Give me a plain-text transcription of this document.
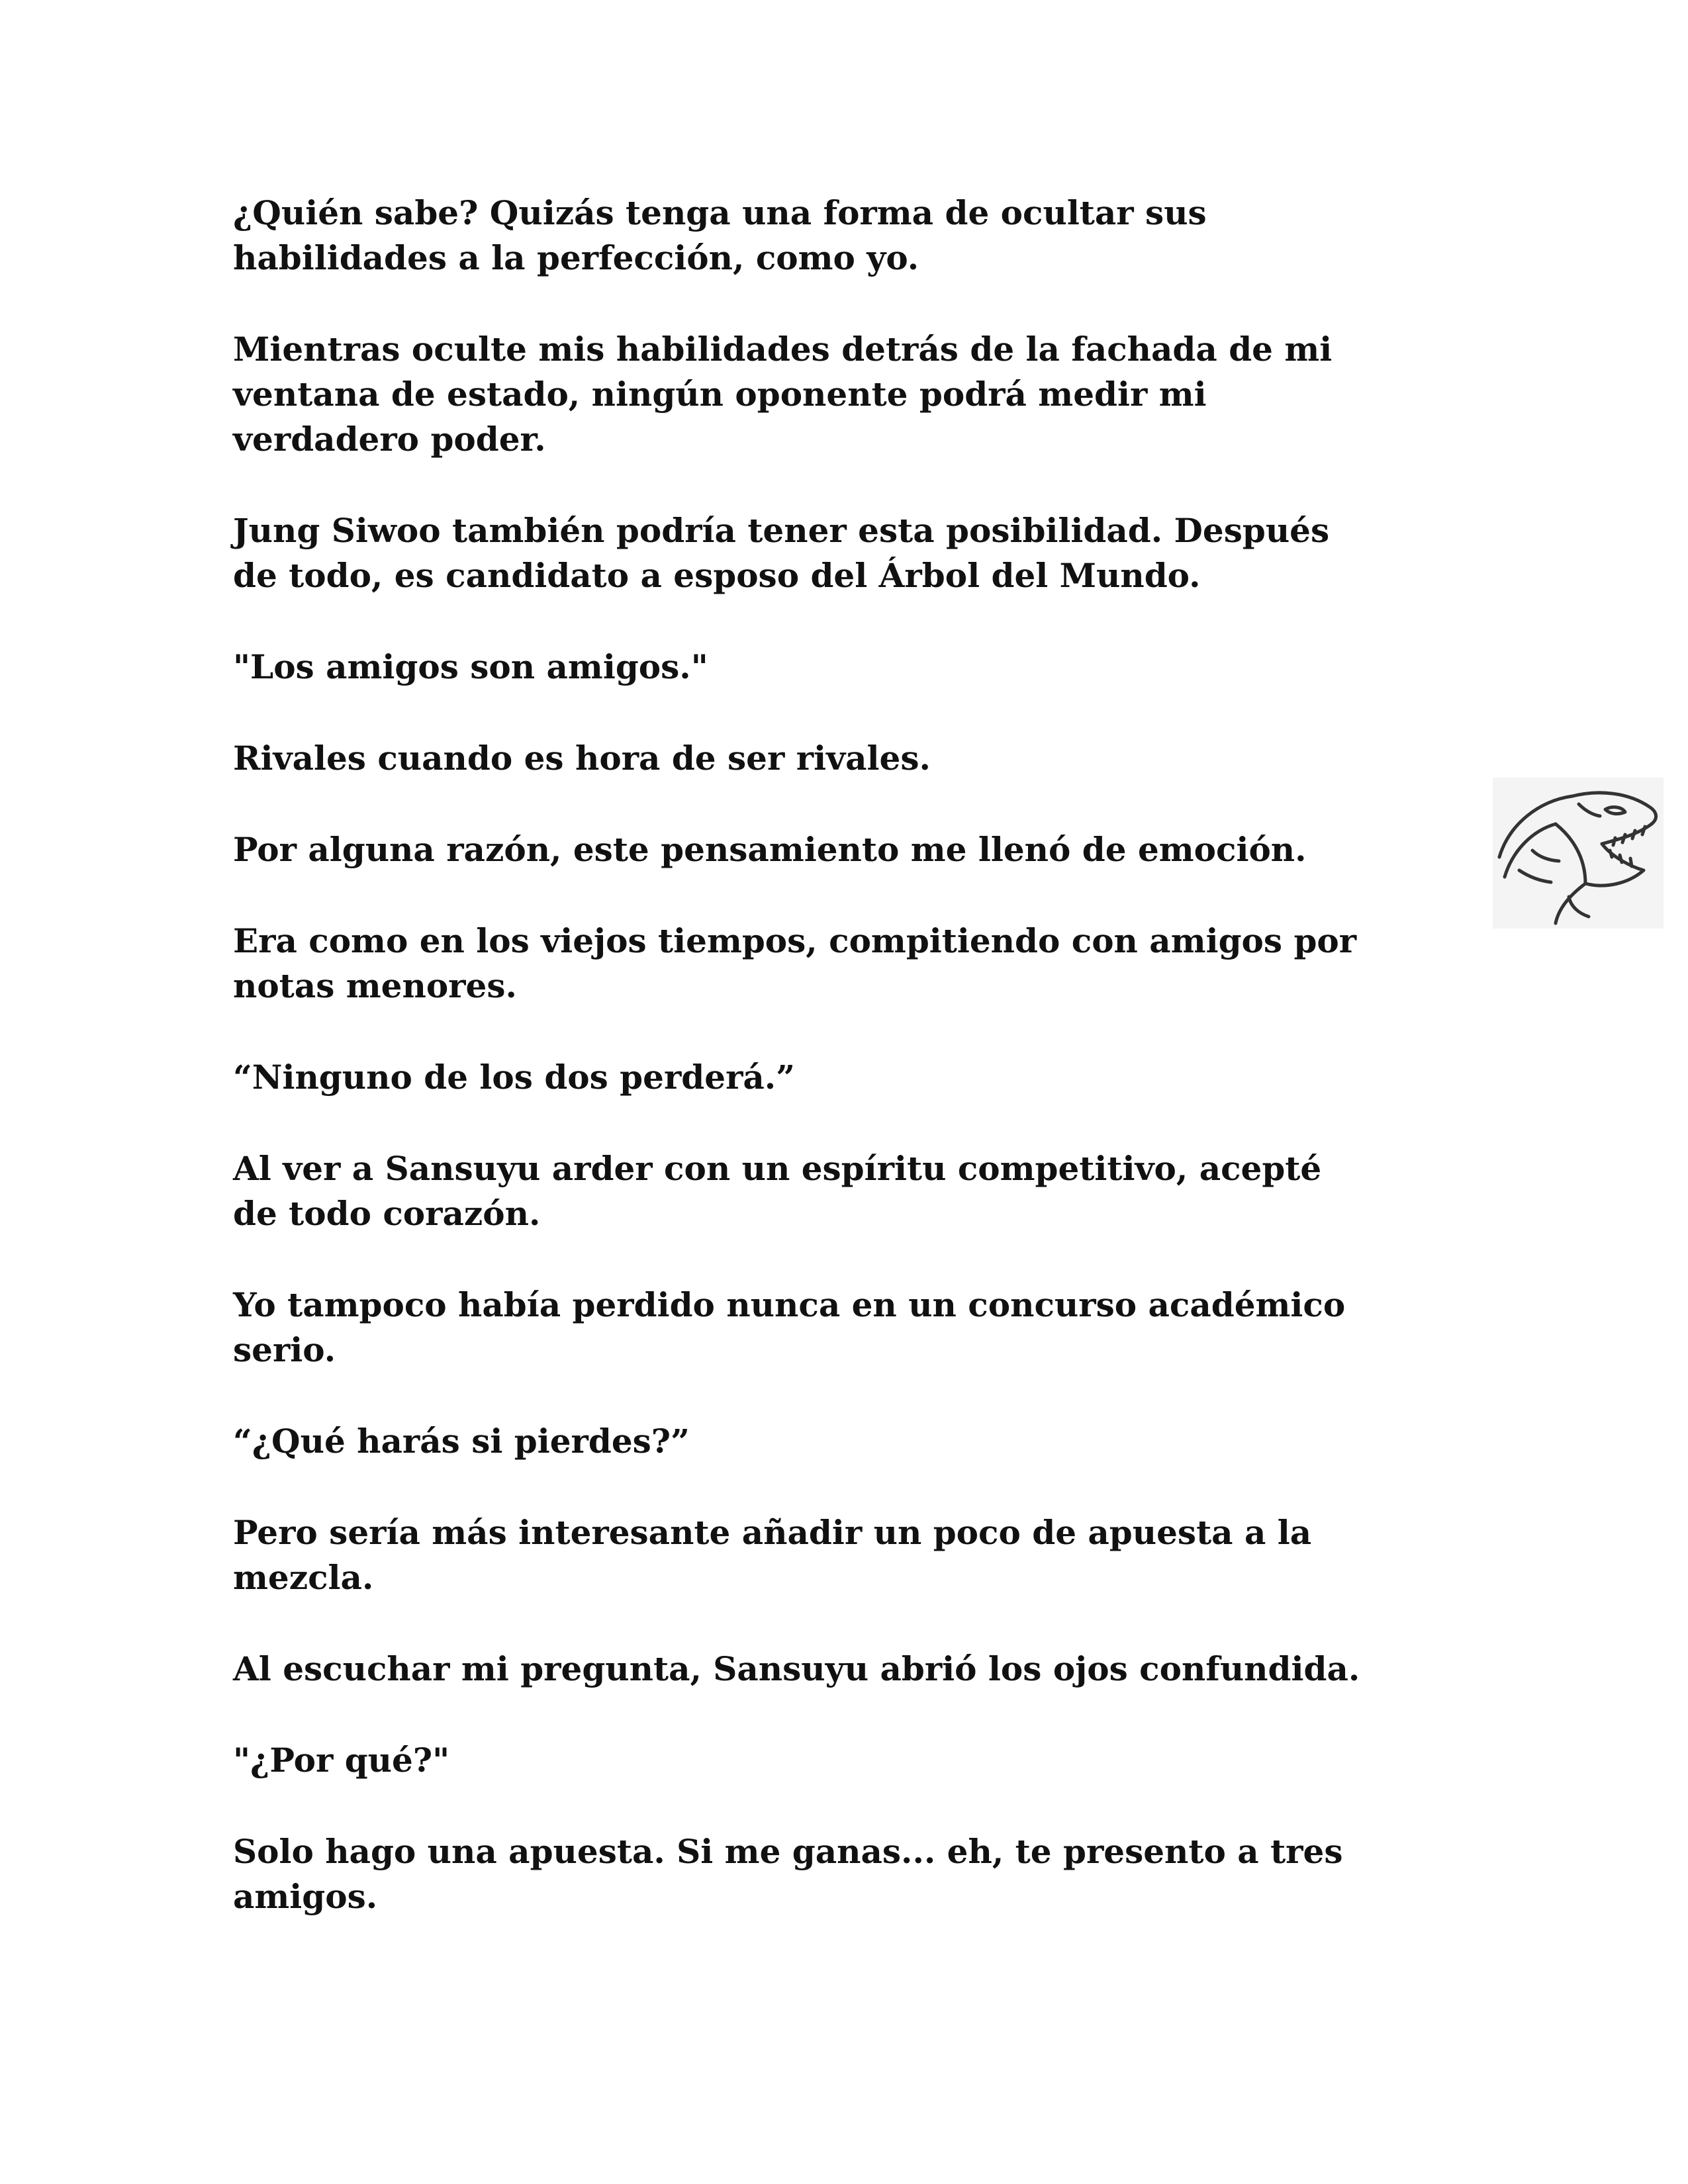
¿Quién sabe? Quizás tenga una forma de ocultar sus
habilidades a la perfección, como yo.

Mientras oculte mis habilidades detrás de la fachada de mi
ventana de estado, ningún oponente podrá medir mi
verdadero poder.

Jung Siwoo también podría tener esta posibilidad. Después
de todo, es candidato a esposo del Árbol del Mundo.

"Los amigos son amigos."

Rivales cuando es hora de ser rivales.

Por alguna razón, este pensamiento me llenó de emoción.

Era como en los viejos tiempos, compitiendo con amigos por
notas menores.

“Ninguno de los dos perderá.”

Al ver a Sansuyu arder con un espíritu competitivo, acepté
de todo corazón.

Yo tampoco había perdido nunca en un concurso académico
serio.

“¿Qué harás si pierdes?”

Pero sería más interesante añadir un poco de apuesta a la
mezcla.

Al escuchar mi pregunta, Sansuyu abrió los ojos confundida.

"¿Por qué?"

Solo hago una apuesta. Si me ganas... eh, te presento a tres
amigos.
